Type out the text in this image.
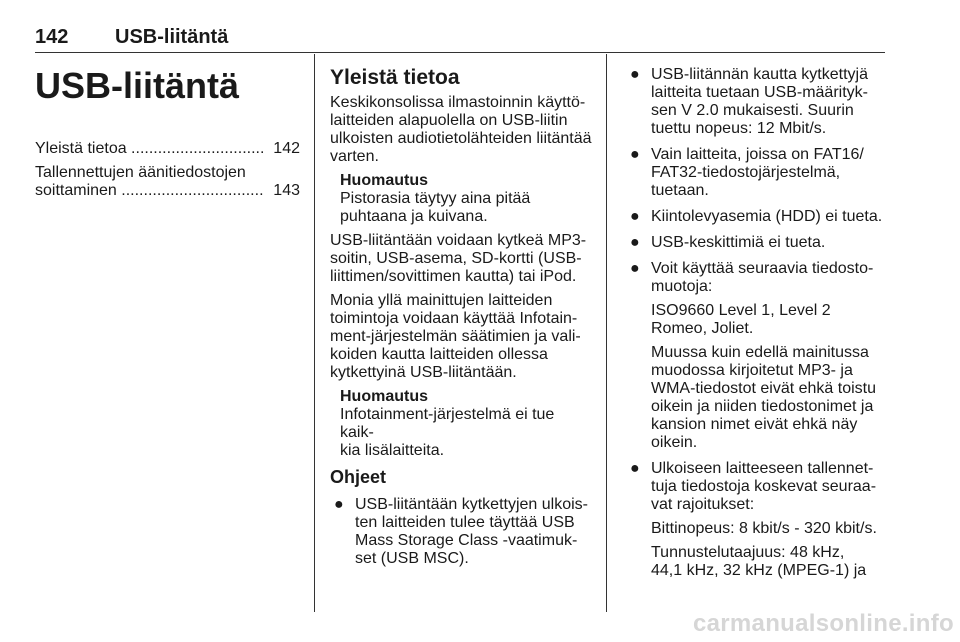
142 USB-liitäntä
USB-liitäntä
Yleistä tietoa .............................. 142
Tallennettujen äänitiedostojen
soittaminen ................................ 143
Yleistä tietoa

Keskikonsolissa ilmastoinnin käyttö-
laitteiden alapuolella on USB-liitin
ulkoisten audiotietolähteiden liitäntää
varten.

Huomautus
Pistorasia täytyy aina pitää
puhtaana ja kuivana.

USB-liitäntään voidaan kytkeä MP3-
soitin, USB-asema, SD-kortti (USB-
liittimen/sovittimen kautta) tai iPod.

Monia yllä mainittujen laitteiden
toimintoja voidaan käyttää Infotain-
ment-järjestelmän säätimien ja vali-
koiden kautta laitteiden ollessa
kytkettyinä USB-liitäntään.

Huomautus
Infotainment-järjestelmä ei tue kaik-
kia lisälaitteita.
Ohjeet
● USB-liitäntään kytkettyjen ulkois-
ten laitteiden tulee täyttää USB
Mass Storage Class -vaatimuk-
set (USB MSC).
● USB-liitännän kautta kytkettyjä
laitteita tuetaan USB-määrityk-
sen V 2.0 mukaisesti. Suurin
tuettu nopeus: 12 Mbit/s.
● Vain laitteita, joissa on FAT16/
FAT32-tiedostojärjestelmä,
tuetaan.
● Kiintolevyasemia (HDD) ei tueta.
● USB-keskittimiä ei tueta.
● Voit käyttää seuraavia tiedosto-
muotoja:
ISO9660 Level 1, Level 2
Romeo, Joliet.
Muussa kuin edellä mainitussa
muodossa kirjoitetut MP3- ja
WMA-tiedostot eivät ehkä toistu
oikein ja niiden tiedostonimet ja
kansion nimet eivät ehkä näy
oikein.
● Ulkoiseen laitteeseen tallennet-
tuja tiedostoja koskevat seuraa-
vat rajoitukset:
Bittinopeus: 8 kbit/s - 320 kbit/s.
Tunnustelutaajuus: 48 kHz,
44,1 kHz, 32 kHz (MPEG-1) ja
carmanualsonline.info
